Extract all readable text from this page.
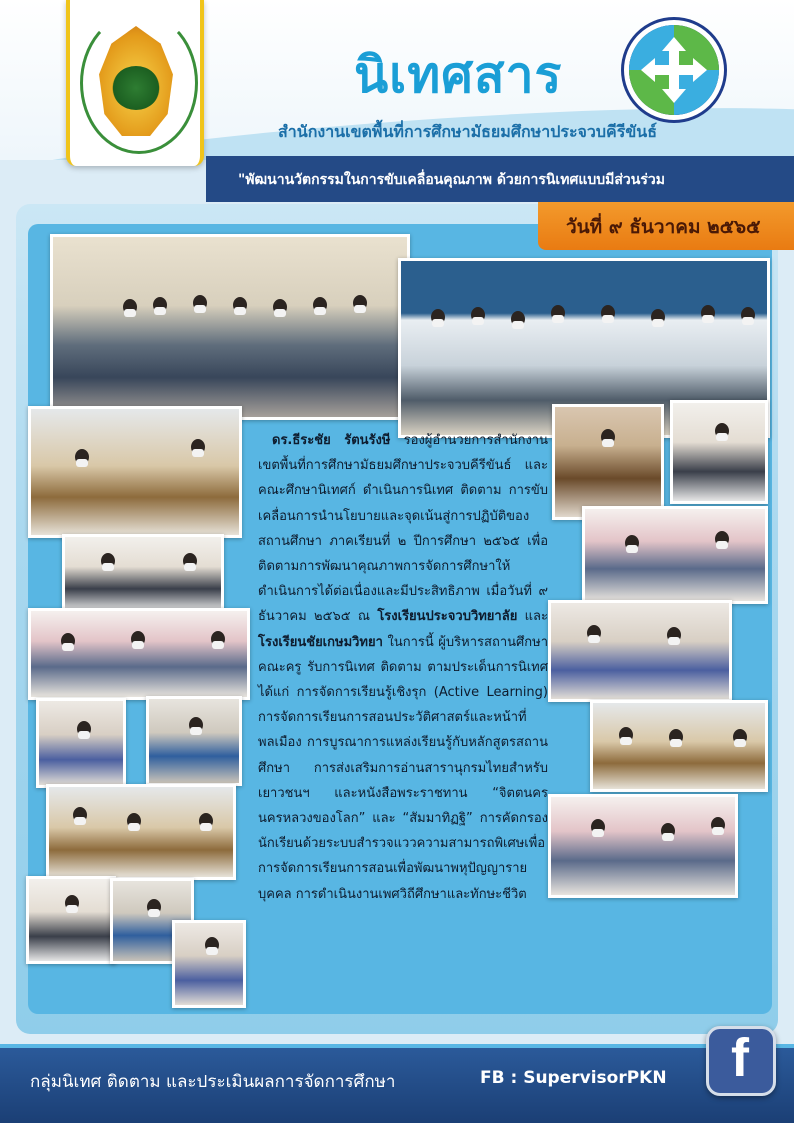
นิเทศสาร
สำนักงานเขตพื้นที่การศึกษามัธยมศึกษาประจวบคีรีขันธ์
"พัฒนานวัตกรรมในการขับเคลื่อนคุณภาพ ด้วยการนิเทศแบบมีส่วนร่วม
วันที่ ๙ ธันวาคม ๒๕๖๕
ดร.ธีระชัย รัตนรังษี รองผู้อำนวยการสำนักงานเขตพื้นที่การศึกษามัธยมศึกษาประจวบคีรีขันธ์ และคณะศึกษานิเทศก์ ดำเนินการนิเทศ ติดตาม การขับเคลื่อนการนำนโยบายและจุดเน้นสู่การปฏิบัติของสถานศึกษา ภาคเรียนที่ ๒ ปีการศึกษา ๒๕๖๕ เพื่อติดตามการพัฒนาคุณภาพการจัดการศึกษาให้ดำเนินการได้ต่อเนื่องและมีประสิทธิภาพ เมื่อวันที่ ๙ ธันวาคม ๒๕๖๕ ณ โรงเรียนประจวบวิทยาลัย และ โรงเรียนชัยเกษมวิทยา ในการนี้ ผู้บริหารสถานศึกษา คณะครู รับการนิเทศ ติดตาม ตามประเด็นการนิเทศ ได้แก่ การจัดการเรียนรู้เชิงรุก (Active Learning) การจัดการเรียนการสอนประวัติศาสตร์และหน้าที่พลเมือง การบูรณาการแหล่งเรียนรู้กับหลักสูตรสถานศึกษา การส่งเสริมการอ่านสารานุกรมไทยสำหรับเยาวชนฯ และหนังสือพระราชทาน “จิตตนคร นครหลวงของโลก” และ “สัมมาทิฏฐิ” การคัดกรองนักเรียนด้วยระบบสำรวจแววความสามารถพิเศษเพื่อการจัดการเรียนการสอนเพื่อพัฒนาพหุปัญญารายบุคคล การดำเนินงานเพศวิถีศึกษาและทักษะชีวิต
กลุ่มนิเทศ ติดตาม และประเมินผลการจัดการศึกษา	FB : SupervisorPKN f
